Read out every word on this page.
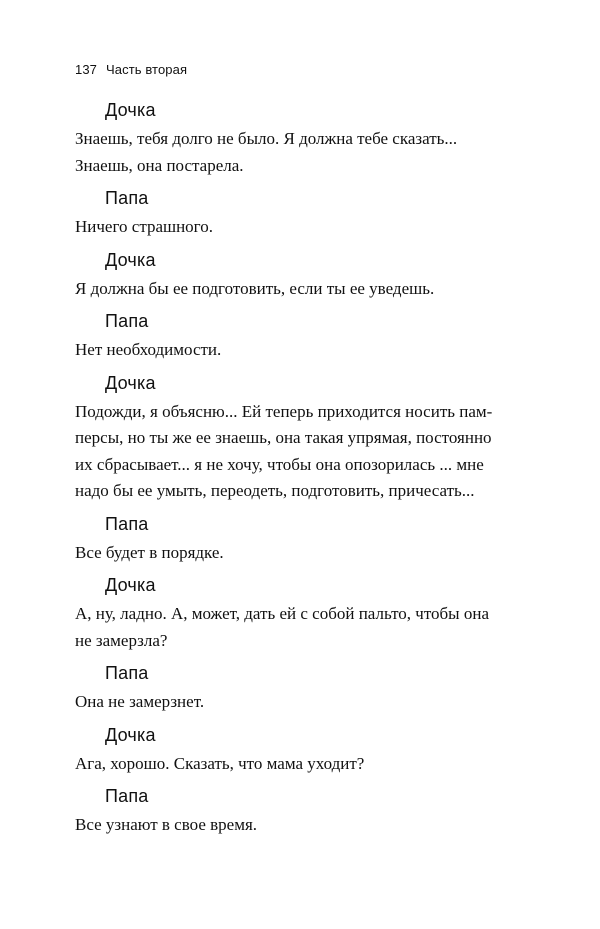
137 Часть вторая
Дочка
Знаешь, тебя долго не было. Я должна тебе сказать...
Знаешь, она постарела.
Папа
Ничего страшного.
Дочка
Я должна бы ее подготовить, если ты ее уведешь.
Папа
Нет необходимости.
Дочка
Подожди, я объясню... Ей теперь приходится носить пам-
персы, но ты же ее знаешь, она такая упрямая, постоянно
их сбрасывает... я не хочу, чтобы она опозорилась ... мне
надо бы ее умыть, переодеть, подготовить, причесать...
Папа
Все будет в порядке.
Дочка
А, ну, ладно. А, может, дать ей с собой пальто, чтобы она
не замерзла?
Папа
Она не замерзнет.
Дочка
Ага, хорошо. Сказать, что мама уходит?
Папа
Все узнают в свое время.
